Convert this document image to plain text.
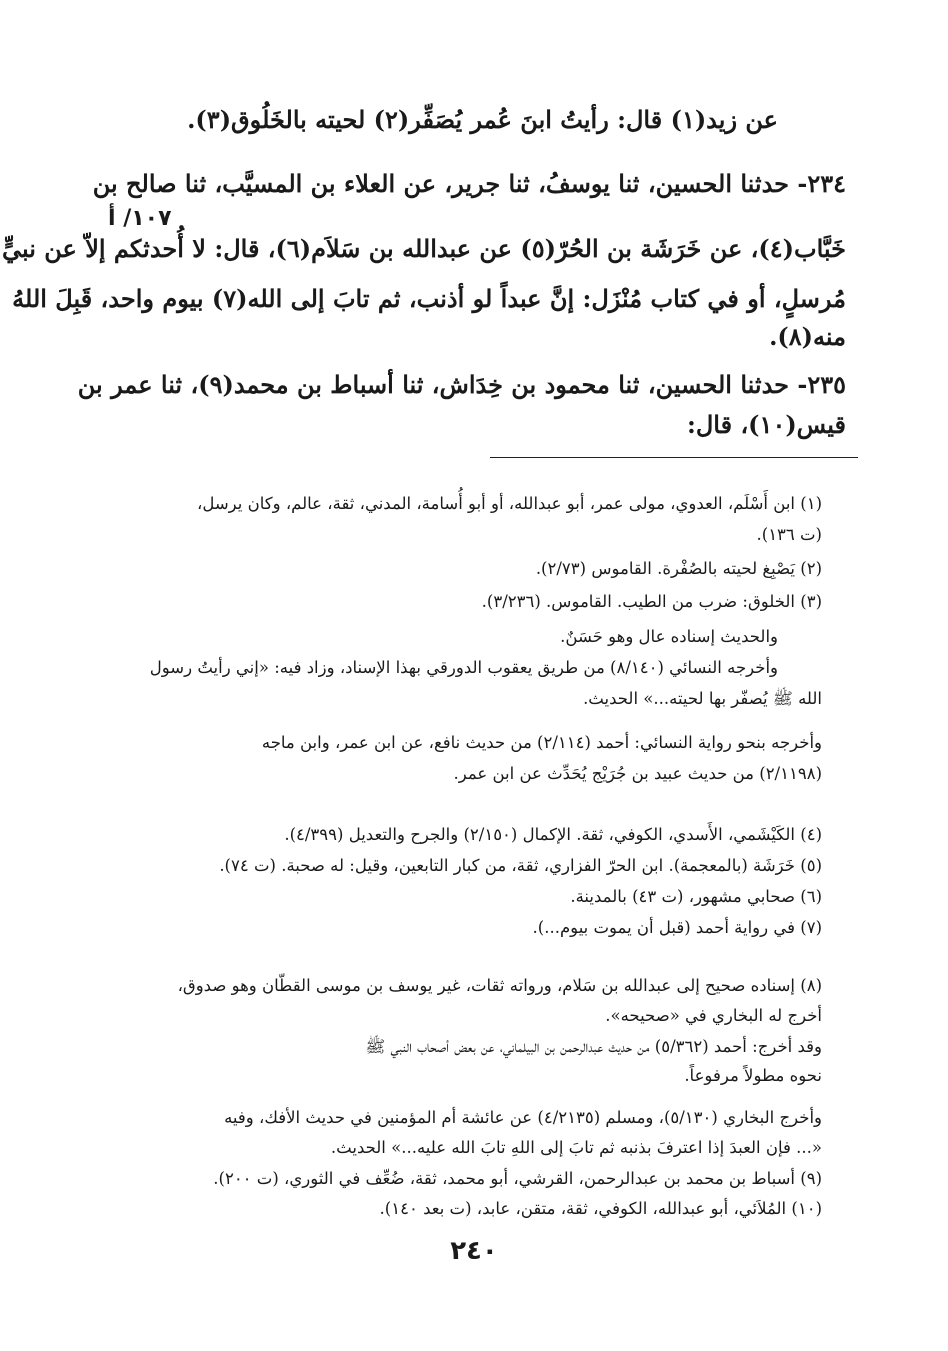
عن زيد(١) قال: رأيتُ ابنَ عُمر يُصَفِّر(٢) لحيته بالخَلُوق(٣).
٢٣٤- حدثنا الحسين، ثنا يوسفُ، ثنا جرير، عن العلاء بن المسيَّب، ثنا صالح بن
١٠٧/ أ
خَبَّاب(٤)، عن خَرَشَة بن الحُرّ(٥) عن عبدالله بن سَلاَم(٦)، قال: لا أُحدثكم إلاّ عن نبيٍّ
مُرسلٍ، أو في كتاب مُنْزَل: إنَّ عبداً لو أذنب، ثم تابَ إلى الله(٧) بيوم واحد، قَبِلَ اللهُ
منه(٨).
٢٣٥- حدثنا الحسين، ثنا محمود بن خِدَاش، ثنا أسباط بن محمد(٩)، ثنا عمر بن
قيس(١٠)، قال:
(١) ابن أَسْلَم، العدوي، مولى عمر، أبو عبدالله، أو أبو أُسامة، المدني، ثقة، عالم، وكان يرسل،
(ت ١٣٦).
(٢) يَصْبِغ لحيته بالصُفْرة. القاموس (٢/٧٣).
(٣) الخلوق: ضرب من الطيب. القاموس. (٣/٢٣٦).
والحديث إسناده عال وهو حَسَنٌ.
وأخرجه النسائي (٨/١٤٠) من طريق يعقوب الدورقي بهذا الإسناد، وزاد فيه: «إني رأيتُ رسول
الله ﷺ يُصفّر بها لحيته...» الحديث.
وأخرجه بنحو رواية النسائي: أحمد (٢/١١٤) من حديث نافع، عن ابن عمر، وابن ماجه
(٢/١١٩٨) من حديث عبيد بن جُرَيْج يُحَدِّث عن ابن عمر.
(٤) الكَيْشَمي، الأَسدي، الكوفي، ثقة. الإكمال (٢/١٥٠) والجرح والتعديل (٤/٣٩٩).
(٥) خَرَشَة (بالمعجمة). ابن الحرّ الفزاري، ثقة، من كبار التابعين، وقيل: له صحبة. (ت ٧٤).
(٦) صحابي مشهور، (ت ٤٣) بالمدينة.
(٧) في رواية أحمد (قبل أن يموت بيوم...).
(٨) إسناده صحيح إلى عبدالله بن سَلام، ورواته ثقات، غير يوسف بن موسى القطّان وهو صدوق،
أخرج له البخاري في «صحيحه».
وقد أخرج: أحمد (٥/٣٦٢) من حديث عبدالرحمن بن البيلماني، عن بعض أصحاب النبي ﷺ
نحوه مطولاً مرفوعاً.
وأخرج البخاري (٥/١٣٠)، ومسلم (٤/٢١٣٥) عن عائشة أم المؤمنين في حديث الأفك، وفيه
«... فإن العبدَ إذا اعترفَ بذنبه ثم تابَ إلى اللهِ تابَ الله عليه...» الحديث.
(٩) أسباط بن محمد بن عبدالرحمن، القرشي، أبو محمد، ثقة، ضُعِّف في الثوري، (ت ٢٠٠).
(١٠) المُلاَئي، أبو عبدالله، الكوفي، ثقة، متقن، عابد، (ت بعد ١٤٠).
٢٤٠
